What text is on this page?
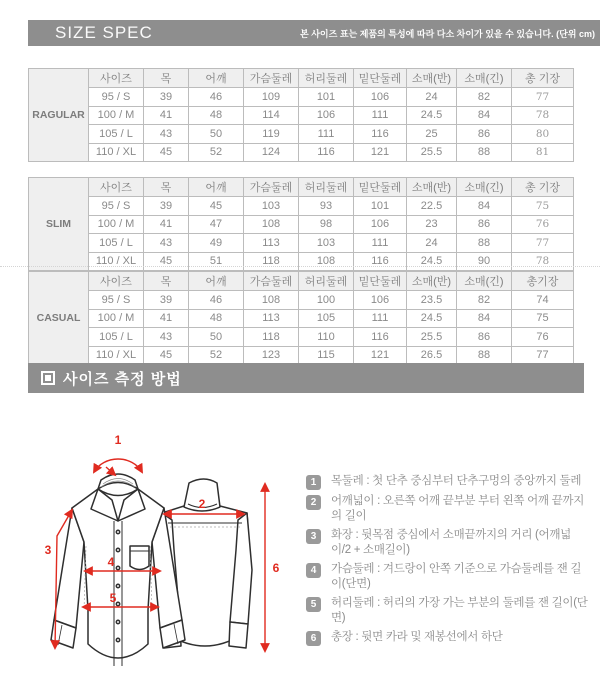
SIZE SPEC	본 사이즈 표는 제품의 특성에 따라 다소 차이가 있을 수 있습니다. (단위 cm)
RAGULAR	사이즈	목	어깨	가슴둘레	허리둘레	밑단둘레	소매(반)	소매(긴)	총 기장
	95 / S	39	46	109	101	106	24	82	77
	100 / M	41	48	114	106	111	24.5	84	78
	105 / L	43	50	119	111	116	25	86	80
	110 / XL	45	52	124	116	121	25.5	88	81
SLIM	사이즈	목	어깨	가슴둘레	허리둘레	밑단둘레	소매(반)	소매(긴)	총 기장
	95 / S	39	45	103	93	101	22.5	84	75
	100 / M	41	47	108	98	106	23	86	76
	105 / L	43	49	113	103	111	24	88	77
	110 / XL	45	51	118	108	116	24.5	90	78
CASUAL	사이즈	목	어깨	가슴둘레	허리둘레	밑단둘레	소매(반)	소매(긴)	총기장
	95 / S	39	46	108	100	106	23.5	82	74
	100 / M	41	48	113	105	111	24.5	84	75
	105 / L	43	50	118	110	116	25.5	86	76
	110 / XL	45	52	123	115	121	26.5	88	77
사이즈 측정 방법
1
2
3
4
5
6
1	목둘레 : 첫 단추 중심부터 단추구멍의 중앙까지 둘레
2	어깨넓이 : 오른쪽 어깨 끝부분 부터 왼쪽 어깨 끝까지의 길이
3	화장 : 뒷목점 중심에서 소매끝까지의 거리 (어깨넓이/2 + 소매길이)
4	가슴둘레 : 겨드랑이 안쪽 기준으로 가슴둘레를 잰 길이(단면)
5	허리둘레 : 허리의 가장 가는 부분의 둘레를 잰 길이(단면)
6	총장 : 뒷면 카라 및 재봉선에서 하단
